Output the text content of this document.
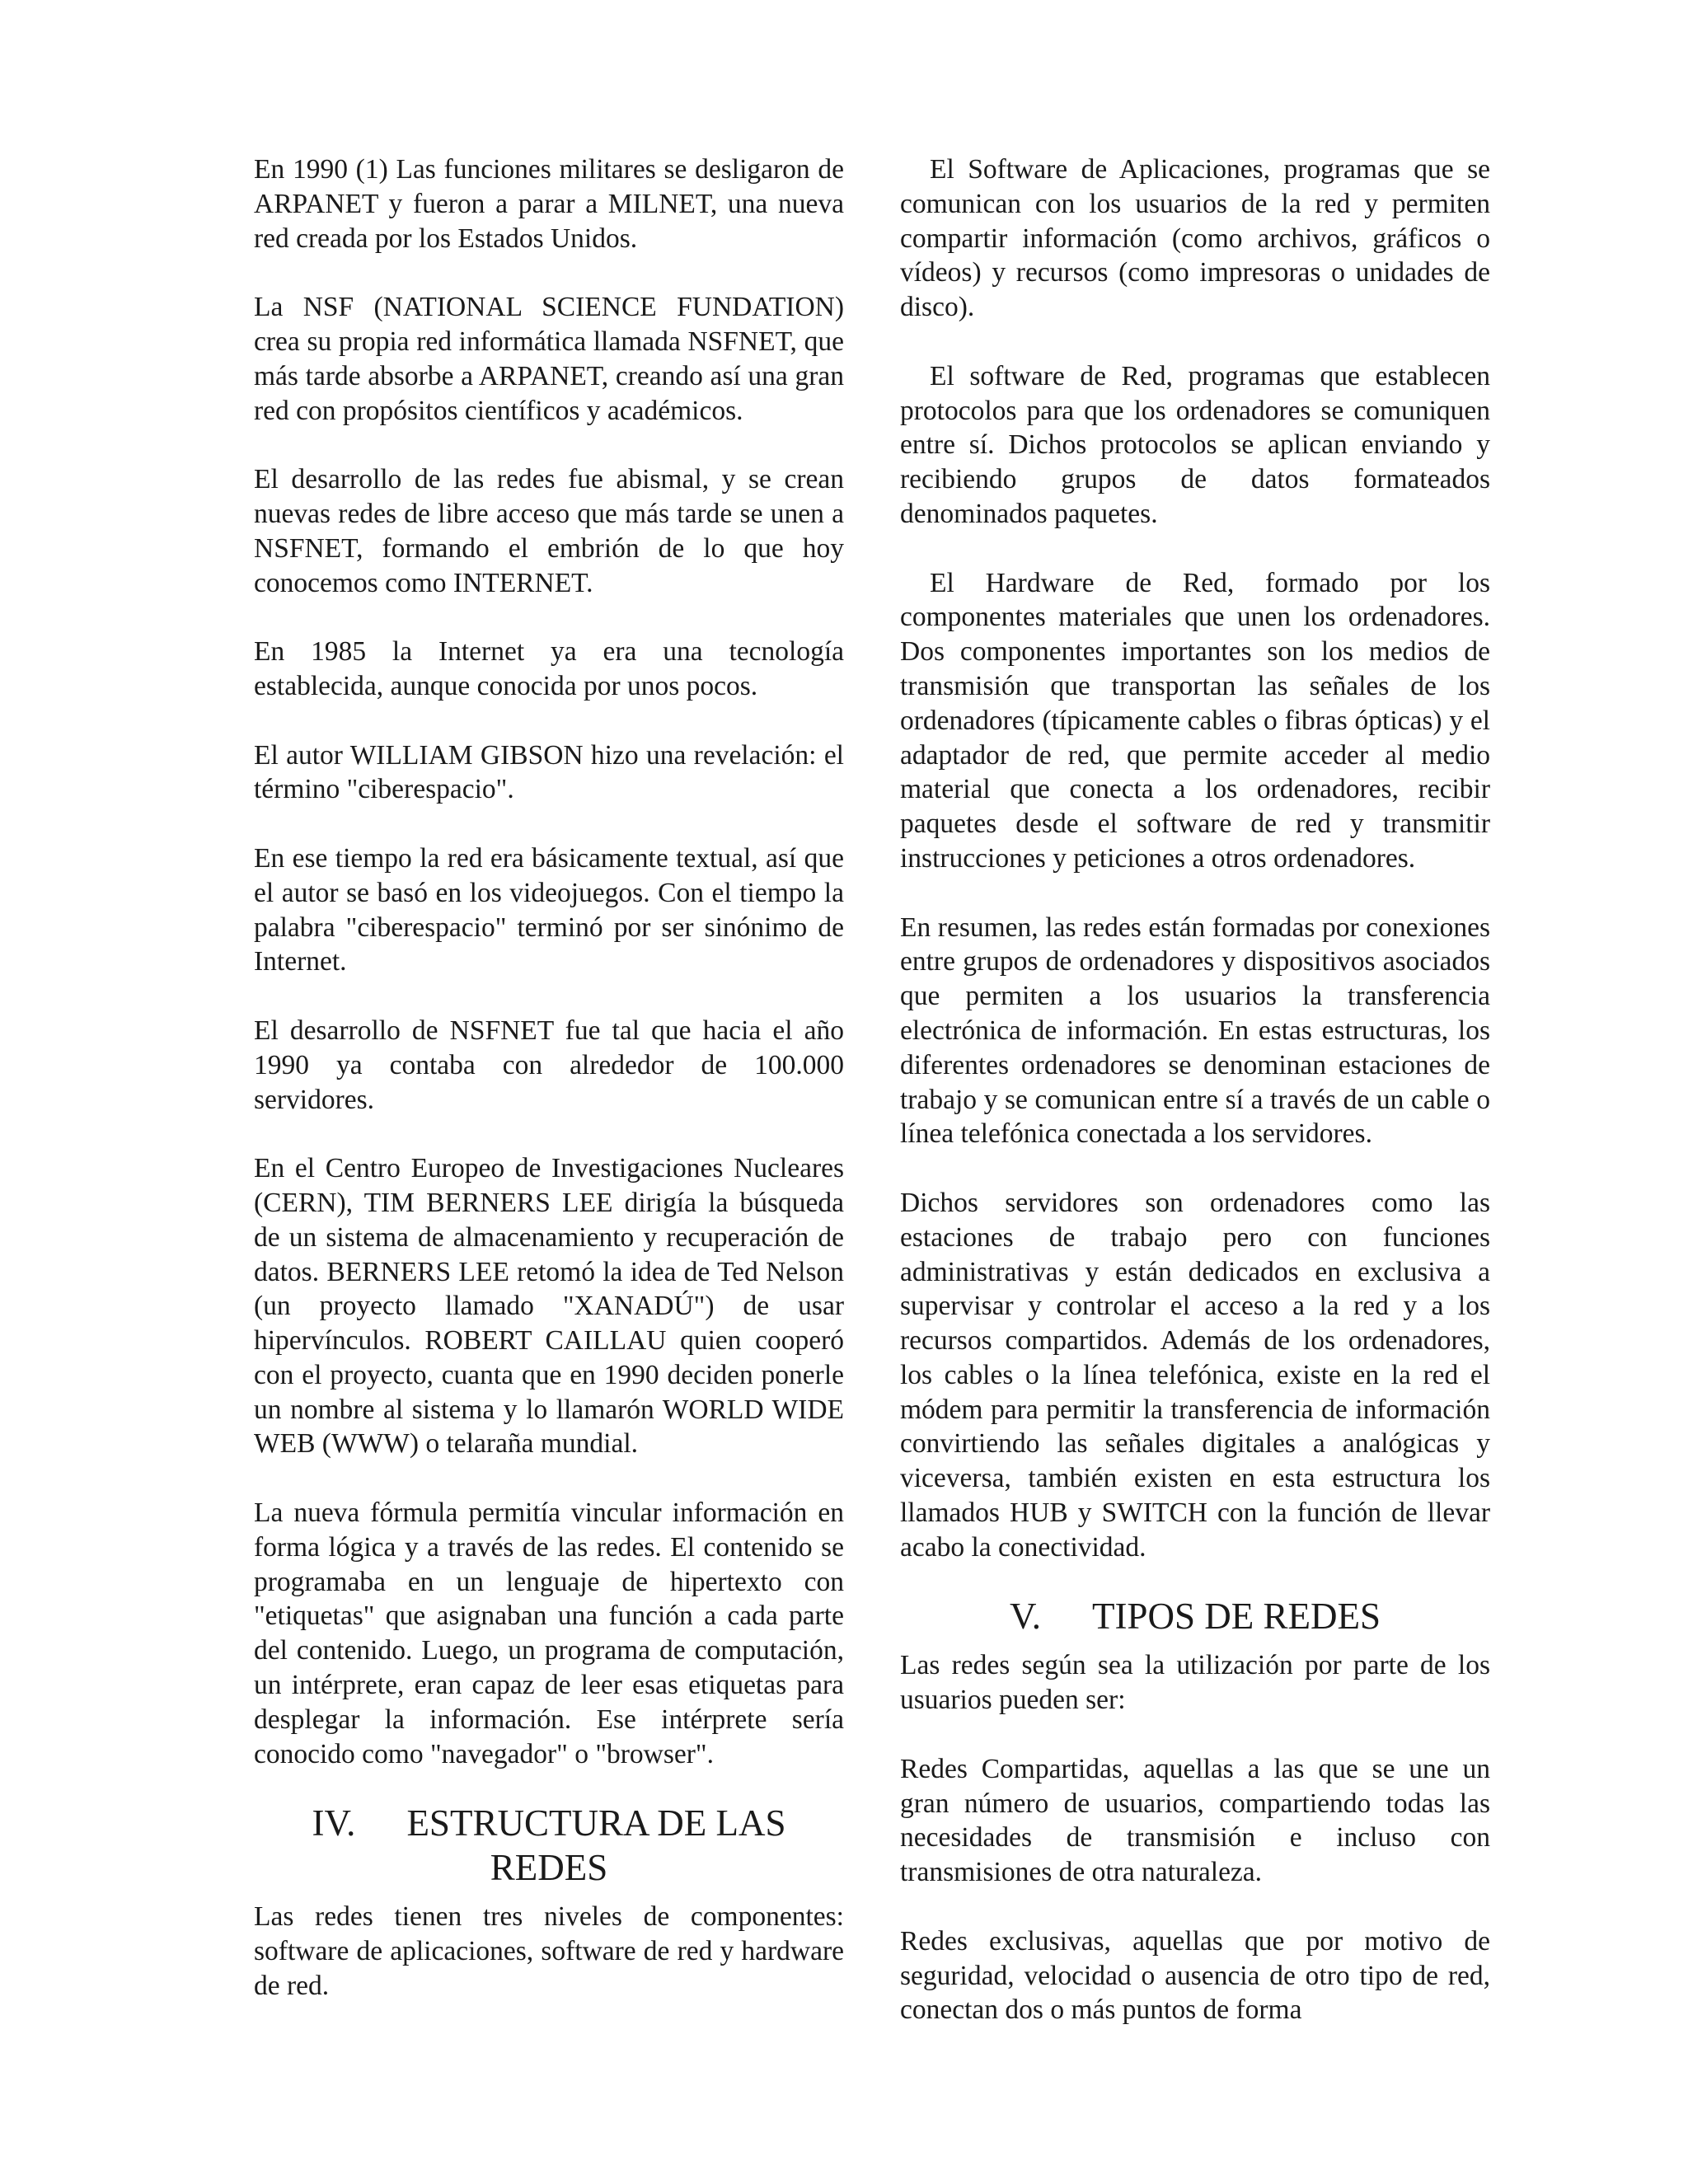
En 1990 (1) Las funciones militares se desligaron de ARPANET y fueron a parar a MILNET, una nueva red creada por los Estados Unidos.

La NSF (NATIONAL SCIENCE FUNDATION) crea su propia red informática llamada NSFNET, que más tarde absorbe a ARPANET, creando así una gran red con propósitos científicos y académicos.

El desarrollo de las redes fue abismal, y se crean nuevas redes de libre acceso que más tarde se unen a NSFNET, formando el embrión de lo que hoy conocemos como INTERNET.

En 1985 la Internet ya era una tecnología establecida, aunque conocida por unos pocos.

El autor WILLIAM GIBSON hizo una revelación: el término "ciberespacio".

En ese tiempo la red era básicamente textual, así que el autor se basó en los videojuegos. Con el tiempo la palabra "ciberespacio" terminó por ser sinónimo de Internet.

El desarrollo de NSFNET fue tal que hacia el año 1990 ya contaba con alrededor de 100.000 servidores.

En el Centro Europeo de Investigaciones Nucleares (CERN), TIM BERNERS LEE dirigía la búsqueda de un sistema de almacenamiento y recuperación de datos. BERNERS LEE retomó la idea de Ted Nelson (un proyecto llamado "XANADÚ") de usar hipervínculos. ROBERT CAILLAU quien cooperó con el proyecto, cuanta que en 1990 deciden ponerle un nombre al sistema y lo llamarón WORLD WIDE WEB (WWW) o telaraña mundial.

La nueva fórmula permitía vincular información en forma lógica y a través de las redes. El contenido se programaba en un lenguaje de hipertexto con "etiquetas" que asignaban una función a cada parte del contenido. Luego, un programa de computación, un intérprete, eran capaz de leer esas etiquetas para desplegar la información. Ese intérprete sería conocido como "navegador" o "browser".

IV. ESTRUCTURA DE LAS REDES

Las redes tienen tres niveles de componentes: software de aplicaciones, software de red y hardware de red.

El Software de Aplicaciones, programas que se comunican con los usuarios de la red y permiten compartir información (como archivos, gráficos o vídeos) y recursos (como impresoras o unidades de disco).

El software de Red, programas que establecen protocolos para que los ordenadores se comuniquen entre sí. Dichos protocolos se aplican enviando y recibiendo grupos de datos formateados denominados paquetes.

El Hardware de Red, formado por los componentes materiales que unen los ordenadores. Dos componentes importantes son los medios de transmisión que transportan las señales de los ordenadores (típicamente cables o fibras ópticas) y el adaptador de red, que permite acceder al medio material que conecta a los ordenadores, recibir paquetes desde el software de red y transmitir instrucciones y peticiones a otros ordenadores.

En resumen, las redes están formadas por conexiones entre grupos de ordenadores y dispositivos asociados que permiten a los usuarios la transferencia electrónica de información. En estas estructuras, los diferentes ordenadores se denominan estaciones de trabajo y se comunican entre sí a través de un cable o línea telefónica conectada a los servidores.

Dichos servidores son ordenadores como las estaciones de trabajo pero con funciones administrativas y están dedicados en exclusiva a supervisar y controlar el acceso a la red y a los recursos compartidos. Además de los ordenadores, los cables o la línea telefónica, existe en la red el módem para permitir la transferencia de información convirtiendo las señales digitales a analógicas y viceversa, también existen en esta estructura los llamados HUB y SWITCH con la función de llevar acabo la conectividad.

V. TIPOS DE REDES

Las redes según sea la utilización por parte de los usuarios pueden ser:

Redes Compartidas, aquellas a las que se une un gran número de usuarios, compartiendo todas las necesidades de transmisión e incluso con transmisiones de otra naturaleza.

Redes exclusivas, aquellas que por motivo de seguridad, velocidad o ausencia de otro tipo de red, conectan dos o más puntos de forma
